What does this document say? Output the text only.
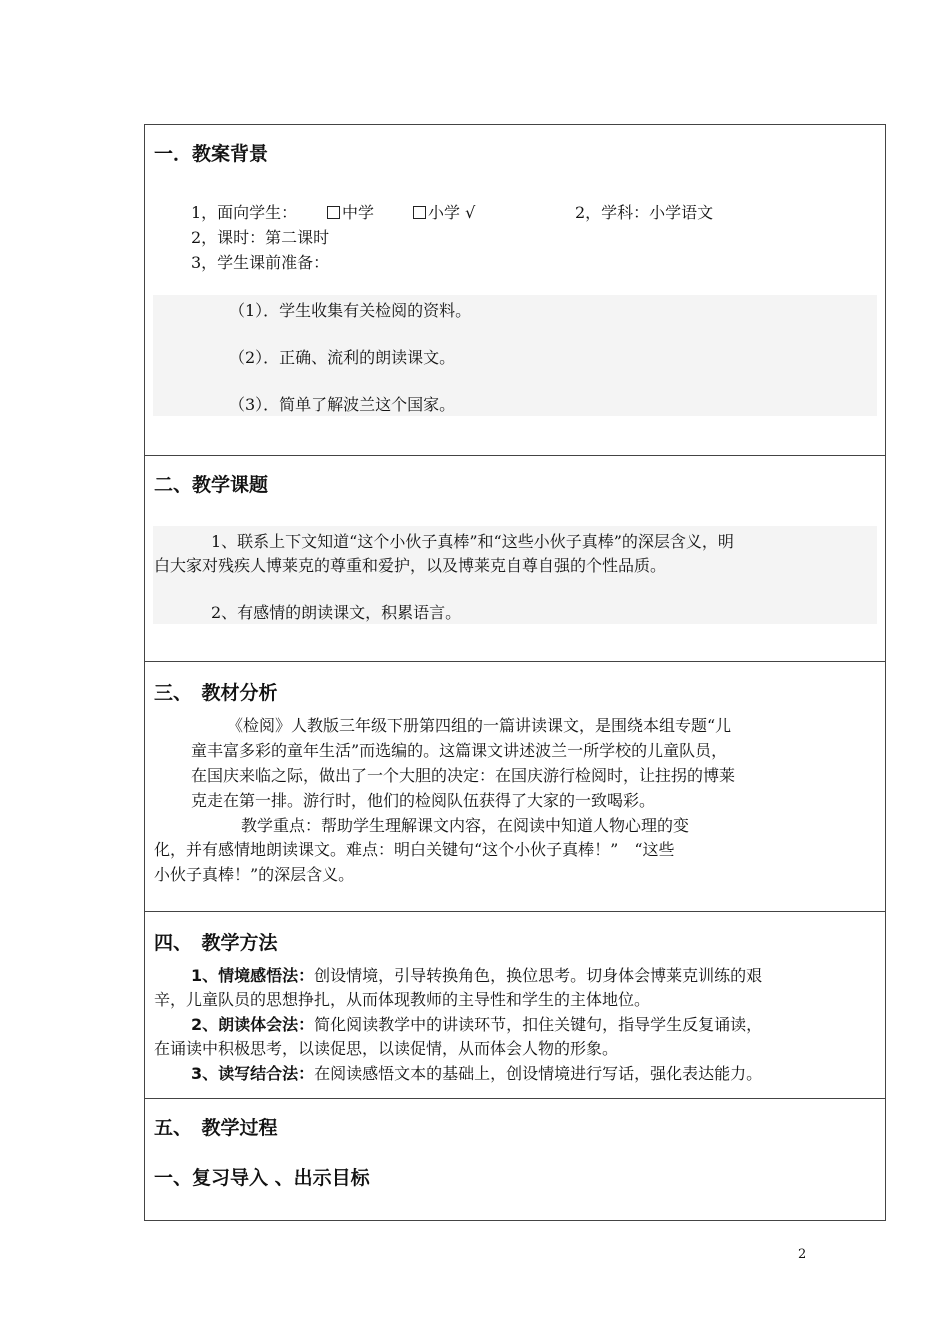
一．教案背景
1，面向学生：	中学	小学 √	2，学科：小学语文
2，课时：第二课时
3，学生课前准备：
（1）．学生收集有关检阅的资料。
（2）．正确、流利的朗读课文。
（3）．简单了解波兰这个国家。
二、教学课题
1、联系上下文知道“这个小伙子真棒”和“这些小伙子真棒”的深层含义，明
白大家对残疾人博莱克的尊重和爱护，以及博莱克自尊自强的个性品质。
2、有感情的朗读课文，积累语言。
三、　教材分析
《检阅》人教版三年级下册第四组的一篇讲读课文，是围绕本组专题“儿
童丰富多彩的童年生活”而选编的。这篇课文讲述波兰一所学校的儿童队员，
在国庆来临之际，做出了一个大胆的决定：在国庆游行检阅时，让拄拐的博莱
克走在第一排。游行时，他们的检阅队伍获得了大家的一致喝彩。
教学重点：帮助学生理解课文内容，在阅读中知道人物心理的变
化，并有感情地朗读课文。难点：明白关键句“这个小伙子真棒！”　“这些
小伙子真棒！”的深层含义。
四、　教学方法
1、情境感悟法：创设情境，引导转换角色，换位思考。切身体会博莱克训练的艰
辛，儿童队员的思想挣扎，从而体现教师的主导性和学生的主体地位。
2、朗读体会法：简化阅读教学中的讲读环节，扣住关键句，指导学生反复诵读，
在诵读中积极思考，以读促思，以读促情，从而体会人物的形象。
3、读写结合法：在阅读感悟文本的基础上，创设情境进行写话，强化表达能力。
五、　教学过程
一、复习导入 、出示目标
2
